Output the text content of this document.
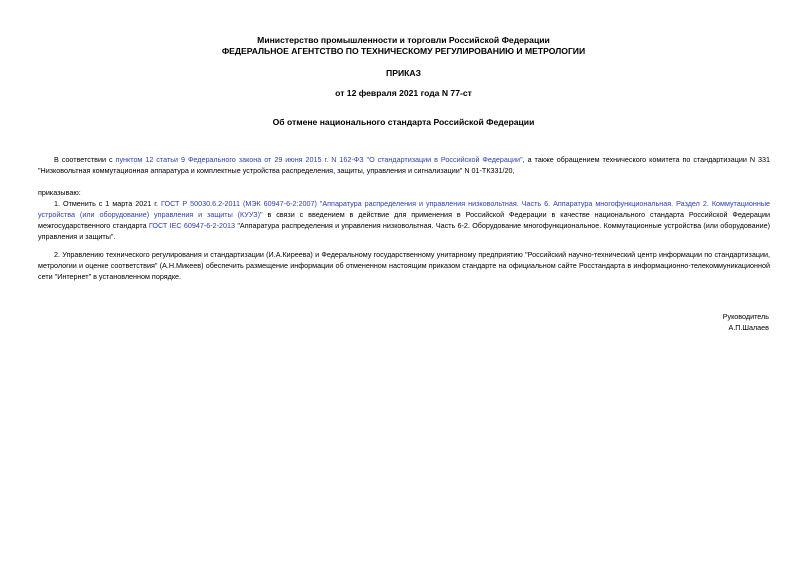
Министерство промышленности и торговли Российской Федерации
ФЕДЕРАЛЬНОЕ АГЕНТСТВО ПО ТЕХНИЧЕСКОМУ РЕГУЛИРОВАНИЮ И МЕТРОЛОГИИ
ПРИКАЗ
от 12 февраля 2021 года N 77-ст
Об отмене национального стандарта Российской Федерации
В соответствии с пунктом 12 статьи 9 Федерального закона от 29 июня 2015 г. N 162-ФЗ "О стандартизации в Российской Федерации", а также обращением технического комитета по стандартизации N 331 "Низковольтная коммутационная аппаратура и комплектные устройства распределения, защиты, управления и сигнализации" N 01-ТК331/20,
приказываю:
1. Отменить с 1 марта 2021 г. ГОСТ Р 50030.6.2-2011 (МЭК 60947-6-2:2007) "Аппаратура распределения и управления низковольтная. Часть 6. Аппаратура многофункциональная. Раздел 2. Коммутационные устройства (или оборудование) управления и защиты (КУУЗ)" в связи с введением в действие для применения в Российской Федерации в качестве национального стандарта Российской Федерации межгосударственного стандарта ГОСТ IEC 60947-6-2-2013 "Аппаратура распределения и управления низковольтная. Часть 6-2. Оборудование многофункциональное. Коммутационные устройства (или оборудование) управления и защиты".
2. Управлению технического регулирования и стандартизации (И.А.Киреева) и Федеральному государственному унитарному предприятию "Российский научно-технический центр информации по стандартизации, метрологии и оценке соответствия" (А.Н.Микеев) обеспечить размещение информации об отмененном настоящим приказом стандарте на официальном сайте Росстандарта в информационно-телекоммуникационной сети "Интернет" в установленном порядке.
Руководитель
А.П.Шалаев
